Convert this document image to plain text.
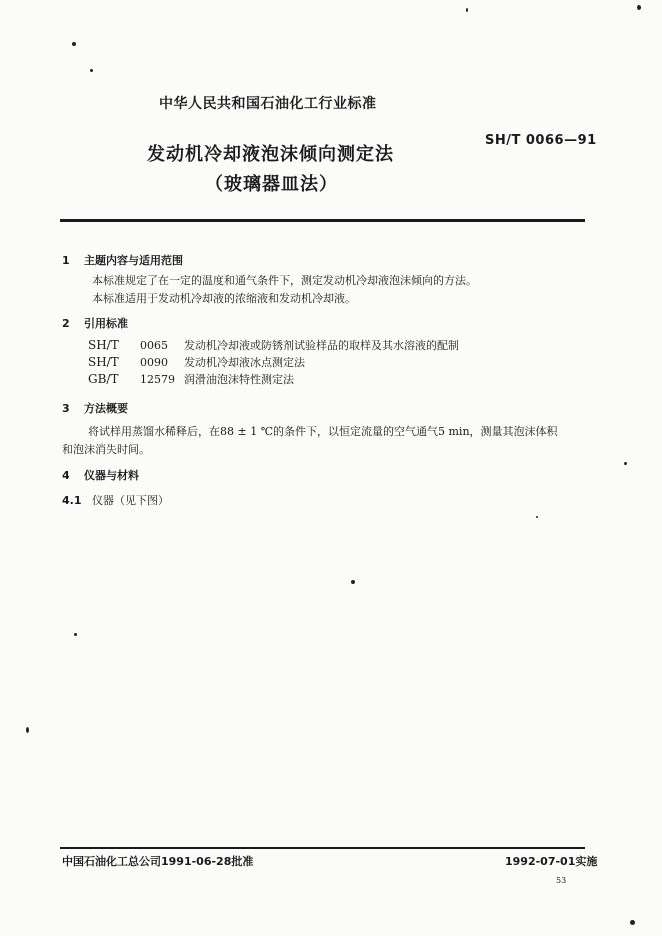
中华人民共和国石油化工行业标准
发动机冷却液泡沫倾向测定法
（玻璃器皿法）
SH/T 0066—91
1 主题内容与适用范围
本标准规定了在一定的温度和通气条件下，测定发动机冷却液泡沫倾向的方法。
本标准适用于发动机冷却液的浓缩液和发动机冷却液。
2 引用标准
SH/T 0065 发动机冷却液或防锈剂试验样品的取样及其水溶液的配制
SH/T 0090 发动机冷却液冰点测定法
GB/T 12579 润滑油泡沫特性测定法
3 方法概要
将试样用蒸馏水稀释后，在88 ± 1 ℃的条件下，以恒定流量的空气通气5 min，测量其泡沫体积
和泡沫消失时间。
4 仪器与材料
4.1 仪器（见下图）
中国石油化工总公司1991-06-28批准	1992-07-01实施
53
